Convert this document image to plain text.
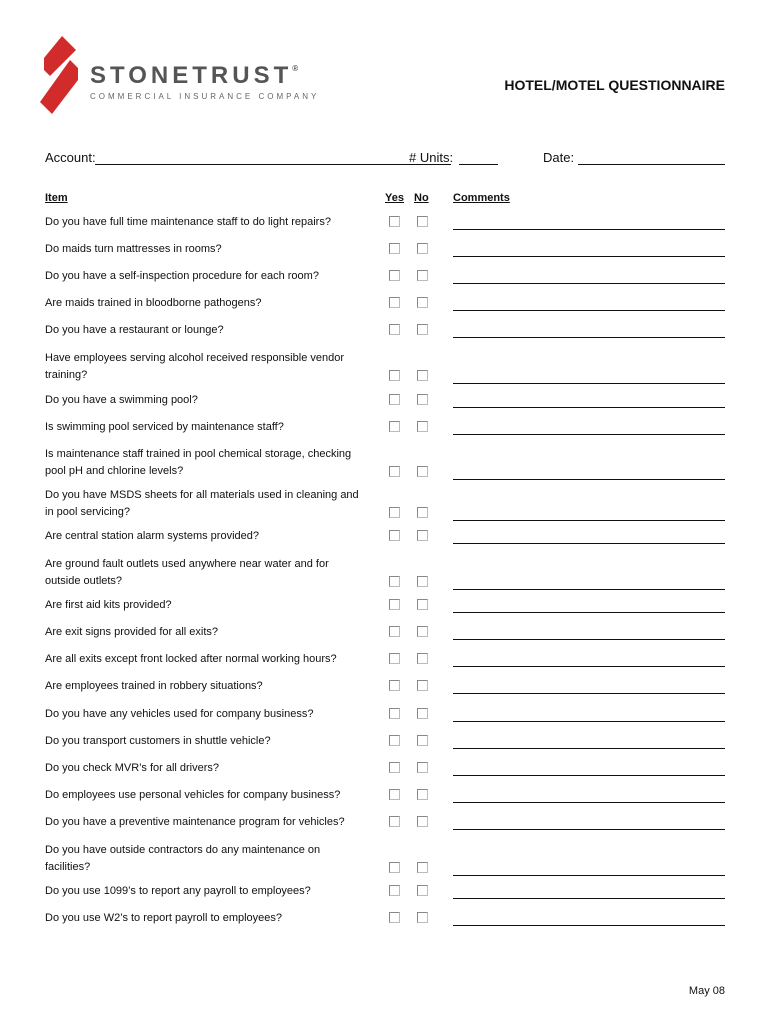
STONETRUST®
COMMERCIAL INSURANCE COMPANY
HOTEL/MOTEL QUESTIONNAIRE
Account:	# Units:	Date:
Item	Yes No Comments
Do you have full time maintenance staff to do light repairs?
Do maids turn mattresses in rooms?
Do you have a self-inspection procedure for each room?
Are maids trained in bloodborne pathogens?
Do you have a restaurant or lounge?
Have employees serving alcohol received responsible vendor training?
Do you have a swimming pool?
Is swimming pool serviced by maintenance staff?
Is maintenance staff trained in pool chemical storage, checking pool pH and chlorine levels?
Do you have MSDS sheets for all materials used in cleaning and in pool servicing?
Are central station alarm systems provided?
Are ground fault outlets used anywhere near water and for outside outlets?
Are first aid kits provided?
Are exit signs provided for all exits?
Are all exits except front locked after normal working hours?
Are employees trained in robbery situations?
Do you have any vehicles used for company business?
Do you transport customers in shuttle vehicle?
Do you check MVR’s for all drivers?
Do employees use personal vehicles for company business?
Do you have a preventive maintenance program for vehicles?
Do you have outside contractors do any maintenance on facilities?
Do you use 1099’s to report any payroll to employees?
Do you use W2’s to report payroll to employees?
May 08
